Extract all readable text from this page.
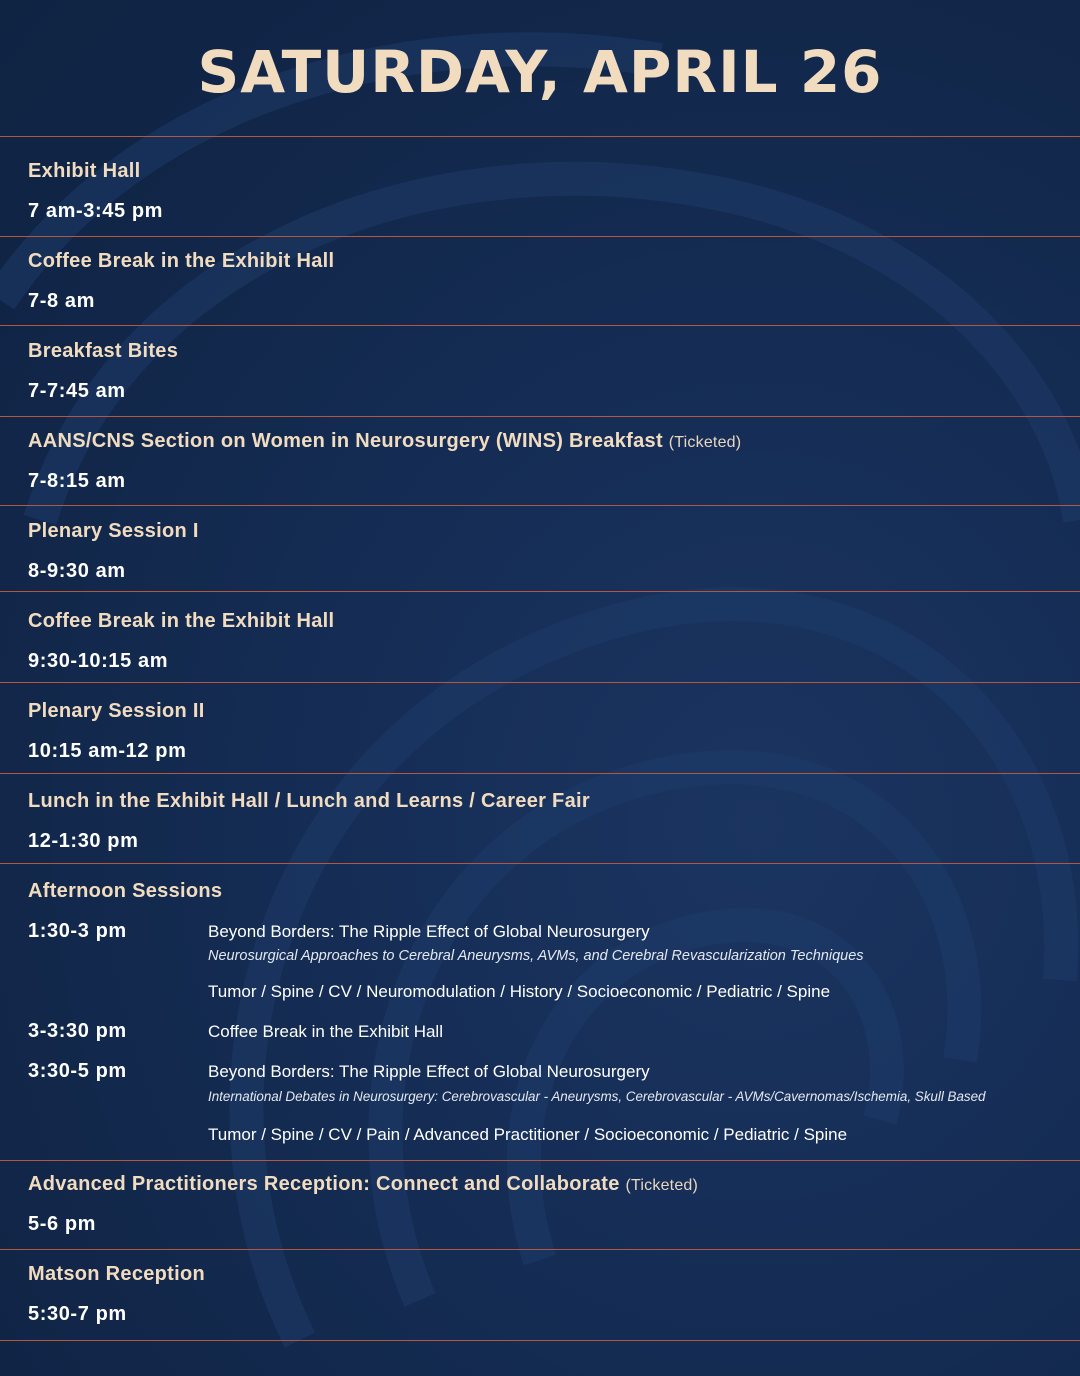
SATURDAY, APRIL 26
Exhibit Hall
7 am-3:45 pm
Coffee Break in the Exhibit Hall
7-8 am
Breakfast Bites
7-7:45 am
AANS/CNS Section on Women in Neurosurgery (WINS) Breakfast (Ticketed)
7-8:15 am
Plenary Session I
8-9:30 am
Coffee Break in the Exhibit Hall
9:30-10:15 am
Plenary Session II
10:15 am-12 pm
Lunch in the Exhibit Hall / Lunch and Learns / Career Fair
12-1:30 pm
Afternoon Sessions
1:30-3 pm	Beyond Borders: The Ripple Effect of Global Neurosurgery
Neurosurgical Approaches to Cerebral Aneurysms, AVMs, and Cerebral Revascularization Techniques
Tumor / Spine / CV / Neuromodulation / History / Socioeconomic / Pediatric / Spine
3-3:30 pm	Coffee Break in the Exhibit Hall
3:30-5 pm	Beyond Borders: The Ripple Effect of Global Neurosurgery
International Debates in Neurosurgery: Cerebrovascular - Aneurysms, Cerebrovascular - AVMs/Cavernomas/Ischemia, Skull Based
Tumor / Spine / CV / Pain / Advanced Practitioner / Socioeconomic / Pediatric / Spine
Advanced Practitioners Reception: Connect and Collaborate (Ticketed)
5-6 pm
Matson Reception
5:30-7 pm
